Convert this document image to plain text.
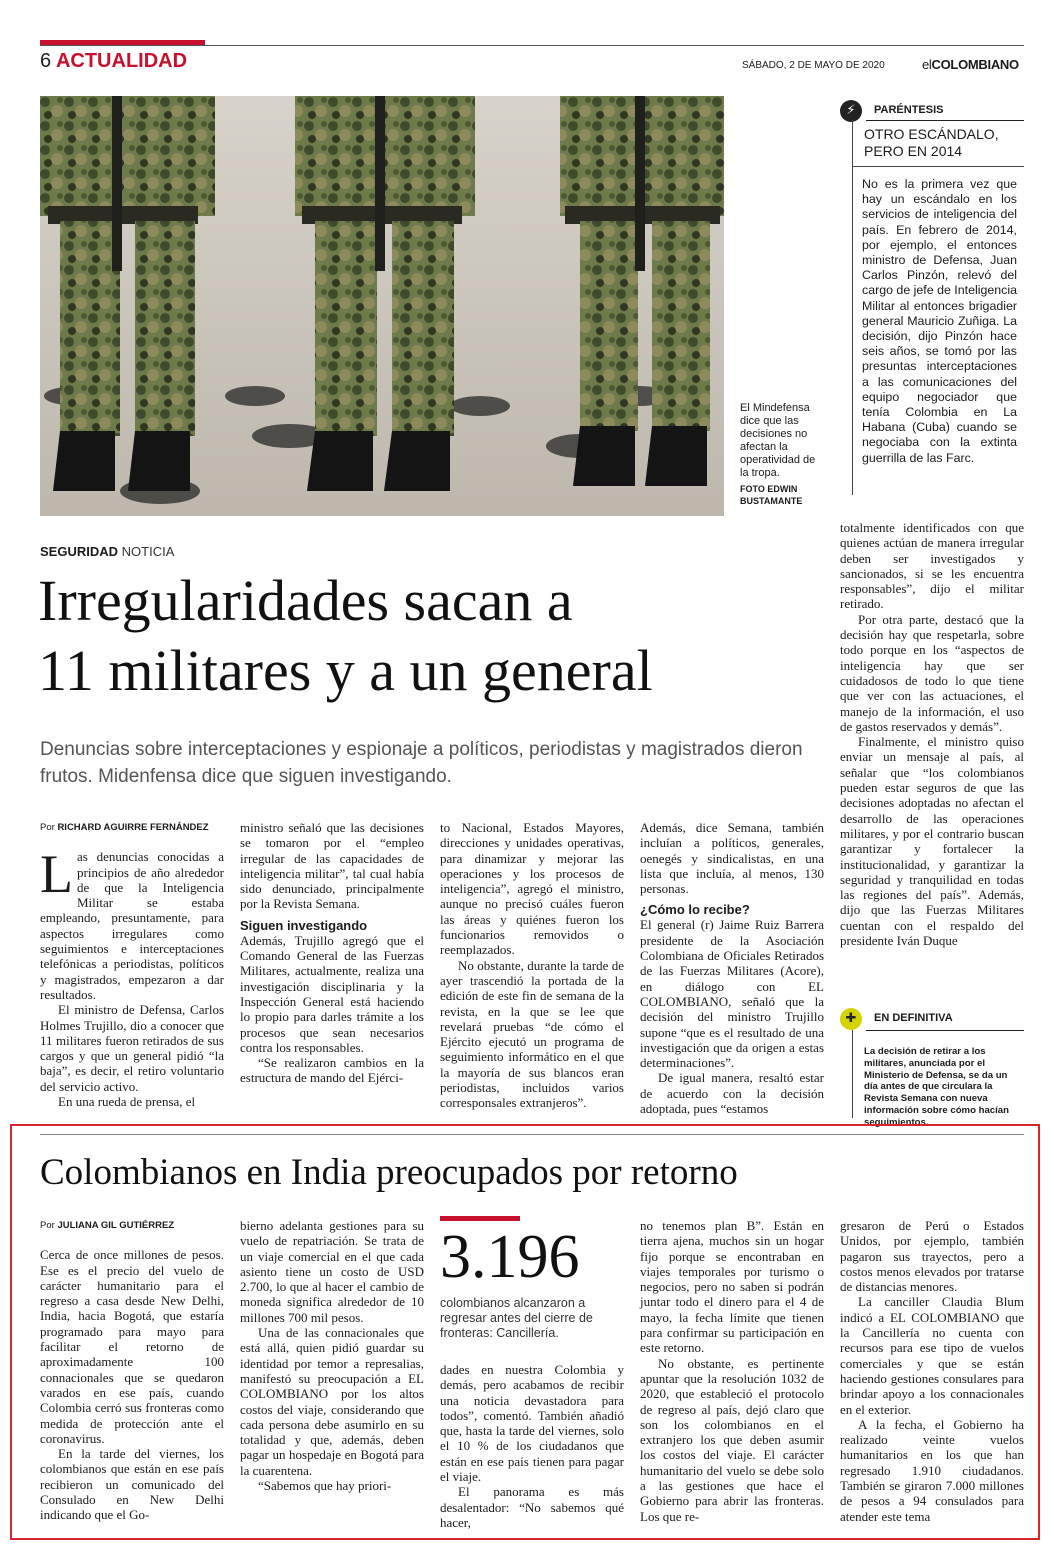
6 ACTUALIDAD	SÁBADO, 2 DE MAYO DE 2020	elCOLOMBIANO
El Mindefensa dice que las decisiones no afectan la operatividad de la tropa.
FOTO EDWIN BUSTAMANTE
⚡	PARÉNTESIS
OTRO ESCÁNDALO, PERO EN 2014
No es la primera vez que hay un escándalo en los servicios de inteligencia del país. En febrero de 2014, por ejemplo, el entonces ministro de Defensa, Juan Carlos Pinzón, relevó del cargo de jefe de Inteligencia Militar al entonces brigadier general Mauricio Zuñiga. La decisión, dijo Pinzón hace seis años, se tomó por las presuntas interceptaciones a las comunicaciones del equipo negociador que tenía Colombia en La Habana (Cuba) cuando se negociaba con la extinta guerrilla de las Farc.
SEGURIDAD NOTICIA
Irregularidades sacan a
11 militares y a un general
Denuncias sobre interceptaciones y espionaje a políticos, periodistas y magistrados dieron frutos. Midenfensa dice que siguen investigando.
Por RICHARD AGUIRRE FERNÁNDEZ

Las denuncias conocidas a principios de año alrededor de que la Inteligencia Militar se estaba empleando, presuntamente, para aspectos irregulares como seguimientos e interceptaciones telefónicas a periodistas, políticos y magistrados, empezaron a dar resultados.

El ministro de Defensa, Carlos Holmes Trujillo, dio a conocer que 11 militares fueron retirados de sus cargos y que un general pidió “la baja”, es decir, el retiro voluntario del servicio activo.

En una rueda de prensa, el

ministro señaló que las decisiones se tomaron por el “empleo irregular de las capacidades de inteligencia militar”, tal cual había sido denunciado, principalmente por la Revista Semana.

Siguen investigando

Además, Trujillo agregó que el Comando General de las Fuerzas Militares, actualmente, realiza una investigación disciplinaria y la Inspección General está haciendo lo propio para darles trámite a los procesos que sean necesarios contra los responsables.

“Se realizaron cambios en la estructura de mando del Ejérci-

to Nacional, Estados Mayores, direcciones y unidades operativas, para dinamizar y mejorar las operaciones y los procesos de inteligencia”, agregó el ministro, aunque no precisó cuáles fueron las áreas y quiénes fueron los funcionarios removidos o reemplazados.

No obstante, durante la tarde de ayer trascendió la portada de la edición de este fin de semana de la revista, en la que se lee que revelará pruebas “de cómo el Ejército ejecutó un programa de seguimiento informático en el que la mayoría de sus blancos eran periodistas, incluidos varios corresponsales extranjeros”.

Además, dice Semana, también incluían a políticos, generales, oenegés y sindicalistas, en una lista que incluía, al menos, 130 personas.

¿Cómo lo recibe?

El general (r) Jaime Ruiz Barrera presidente de la Asociación Colombiana de Oficiales Retirados de las Fuerzas Militares (Acore), en diálogo con EL COLOMBIANO, señaló que la decisión del ministro Trujillo supone “que es el resultado de una investigación que da origen a estas determinaciones”.

De igual manera, resaltó estar de acuerdo con la decisión adoptada, pues “estamos

totalmente identificados con que quienes actúan de manera irregular deben ser investigados y sancionados, si se les encuentra responsables”, dijo el militar retirado.

Por otra parte, destacó que la decisión hay que respetarla, sobre todo porque en los “aspectos de inteligencia hay que ser cuidadosos de todo lo que tiene que ver con las actuaciones, el manejo de la información, el uso de gastos reservados y demás”.

Finalmente, el ministro quiso enviar un mensaje al país, al señalar que “los colombianos pueden estar seguros de que las decisiones adoptadas no afectan el desarrollo de las operaciones militares, y por el contrario buscan garantizar y fortalecer la institucionalidad, y garantizar la seguridad y tranquilidad en todas las regiones del país”. Además, dijo que las Fuerzas Militares cuentan con el respaldo del presidente Iván Duque

✚	EN DEFINITIVA
La decisión de retirar a los militares, anunciada por el Ministerio de Defensa, se da un día antes de que circulara la Revista Semana con nueva información sobre cómo hacían seguimientos.
Colombianos en India preocupados por retorno
Por JULIANA GIL GUTIÉRREZ

Cerca de once millones de pesos. Ese es el precio del vuelo de carácter humanitario para el regreso a casa desde New Delhi, India, hacia Bogotá, que estaría programado para mayo para facilitar el retorno de aproximadamente 100 connacionales que se quedaron varados en ese país, cuando Colombia cerró sus fronteras como medida de protección ante el coronavirus.

En la tarde del viernes, los colombianos que están en ese país recibieron un comunicado del Consulado en New Delhi indicando que el Go-

bierno adelanta gestiones para su vuelo de repatriación. Se trata de un viaje comercial en el que cada asiento tiene un costo de USD 2.700, lo que al hacer el cambio de moneda significa alrededor de 10 millones 700 mil pesos.

Una de las connacionales que está allá, quien pidió guardar su identidad por temor a represalias, manifestó su preocupación a EL COLOMBIANO por los altos costos del viaje, considerando que cada persona debe asumirlo en su totalidad y que, además, deben pagar un hospedaje en Bogotá para la cuarentena.

“Sabemos que hay priori-

3.196
colombianos alcanzaron a regresar antes del cierre de fronteras: Cancillería.

dades en nuestra Colombia y demás, pero acabamos de recibir una noticia devastadora para todos”, comentó. También añadió que, hasta la tarde del viernes, solo el 10 % de los ciudadanos que están en ese país tienen para pagar el viaje.

El panorama es más desalentador: “No sabemos qué hacer,

no tenemos plan B”. Están en tierra ajena, muchos sin un hogar fijo porque se encontraban en viajes temporales por turismo o negocios, pero no saben si podrán juntar todo el dinero para el 4 de mayo, la fecha límite que tienen para confirmar su participación en este retorno.

No obstante, es pertinente apuntar que la resolución 1032 de 2020, que estableció el protocolo de regreso al país, dejó claro que son los colombianos en el extranjero los que deben asumir los costos del viaje. El carácter humanitario del vuelo se debe solo a las gestiones que hace el Gobierno para abrir las fronteras. Los que re-

gresaron de Perú o Estados Unidos, por ejemplo, también pagaron sus trayectos, pero a costos menos elevados por tratarse de distancias menores.

La canciller Claudia Blum indicó a EL COLOMBIANO que la Cancillería no cuenta con recursos para ese tipo de vuelos comerciales y que se están haciendo gestiones consulares para brindar apoyo a los connacionales en el exterior.

A la fecha, el Gobierno ha realizado veinte vuelos humanitarios en los que han regresado 1.910 ciudadanos. También se giraron 7.000 millones de pesos a 94 consulados para atender este tema
